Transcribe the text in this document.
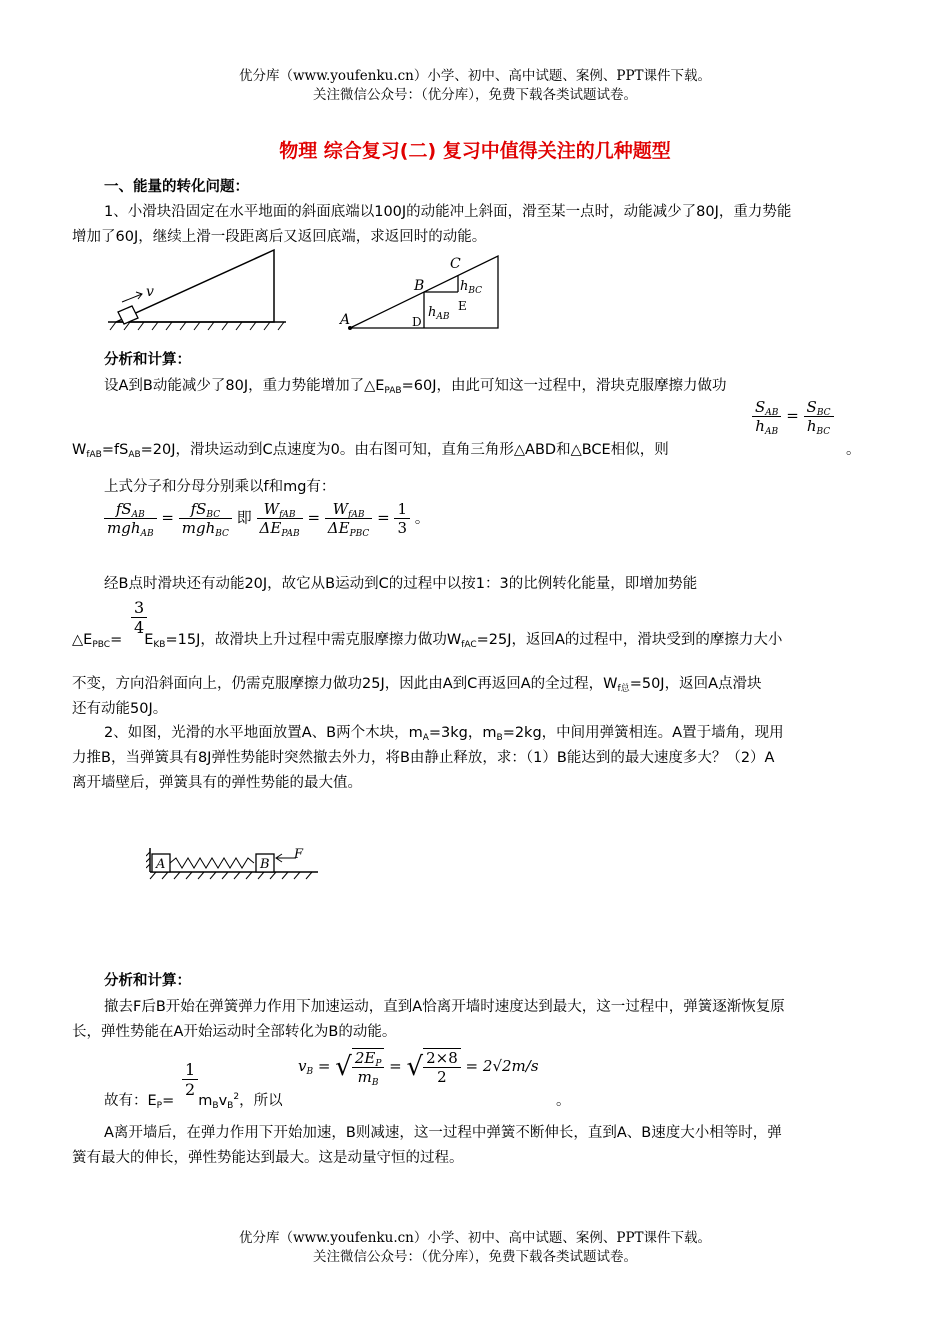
优分库（www.youfenku.cn）小学、初中、高中试题、案例、PPT课件下载。
关注微信公众号：（优分库），免费下载各类试题试卷。
物理 综合复习(二) 复习中值得关注的几种题型
一、能量的转化问题：
1、小滑块沿固定在水平地面的斜面底端以100J的动能冲上斜面，滑至某一点时，动能减少了80J，重力势能
增加了60J，继续上滑一段距离后又返回底端，求返回时的动能。
v
A
B
C
D
E
$h_{AB}$
$h_{BC}$
分析和计算：
设A到B动能减少了80J，重力势能增加了$\triangle E_{PAB}=60J$，由此可知这一过程中，滑块克服摩擦力做功
$\frac{S_{AB}}{h_{AB}} = \frac{S_{BC}}{h_{BC}}$
$W_{fAB}=fS_{AB}=20J$，滑块运动到C点速度为0。由右图可知，直角三角形△ABD和△BCE相似，则	。
上式分子和分母分别乘以f和mg有：
$\frac{fS_{AB}}{mgh_{AB}} = \frac{fS_{BC}}{mgh_{BC}}$ 即 $\frac{W_{fAB}}{\Delta E_{PAB}} = \frac{W_{fAB}}{\Delta E_{PBC}} = \frac{1}{3}$ 。
经B点时滑块还有动能20J，故它从B运动到C的过程中以按1：3的比例转化能量，即增加势能
$\frac{3}{4}$
$\triangle E_{PBC}= E_{KB}=15J$，故滑块上升过程中需克服摩擦力做功$W_{fAC}=25J$，返回A的过程中，滑块受到的摩擦力大小
不变，方向沿斜面向上，仍需克服摩擦力做功25J，因此由A到C再返回A的全过程，$W_{f总}=50J$，返回A点滑块
还有动能50J。
2、如图，光滑的水平地面放置A、B两个木块，$m_A=3kg$，$m_B=2kg$，中间用弹簧相连。A置于墙角，现用
力推B，当弹簧具有8J弹性势能时突然撤去外力，将B由静止释放，求：（1）B能达到的最大速度多大？（2）A
离开墙壁后，弹簧具有的弹性势能的最大值。
A	B
F
分析和计算：
撤去F后B开始在弹簧弹力作用下加速运动，直到A恰离开墙时速度达到最大，这一过程中，弹簧逐渐恢复原
长，弹性势能在A开始运动时全部转化为B的动能。
$\frac{1}{2}$
故有：$E_P= m_Bv_B^2$，所以
$v_B$ = √ $\frac{2E_P}{m_B}$ = √ $\frac{2\times 8}{2} = 2√2m/s$
。
A离开墙后，在弹力作用下开始加速，B则减速，这一过程中弹簧不断伸长，直到A、B速度大小相等时，弹
簧有最大的伸长，弹性势能达到最大。这是动量守恒的过程。
优分库（www.youfenku.cn）小学、初中、高中试题、案例、PPT课件下载。
关注微信公众号：（优分库），免费下载各类试题试卷。
